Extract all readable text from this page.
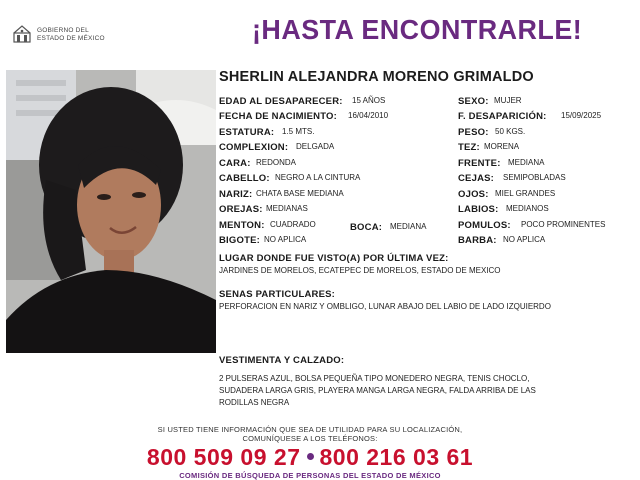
GOBIERNO DEL
ESTADO DE MÉXICO	¡HASTA ENCONTRARLE!
SHERLIN ALEJANDRA MORENO GRIMALDO
EDAD AL DESAPARECER: 15 AÑOS
FECHA DE NACIMIENTO: 16/04/2010
ESTATURA: 1.5 MTS.
COMPLEXION: DELGADA
CARA: REDONDA
CABELLO: NEGRO A LA CINTURA
NARIZ: CHATA BASE MEDIANA
OREJAS: MEDIANAS
MENTON: CUADRADO	BOCA: MEDIANA
BIGOTE: NO APLICA
SEXO: MUJER
F. DESAPARICIÓN: 15/09/2025
PESO: 50 KGS.
TEZ: MORENA
FRENTE: MEDIANA
CEJAS: SEMIPOBLADAS
OJOS: MIEL GRANDES
LABIOS: MEDIANOS
POMULOS: POCO PROMINENTES
BARBA: NO APLICA
LUGAR DONDE FUE VISTO(A) POR ÚLTIMA VEZ:
JARDINES DE MORELOS, ECATEPEC DE MORELOS, ESTADO DE MEXICO
SENAS PARTICULARES:
PERFORACION EN NARIZ Y OMBLIGO, LUNAR ABAJO DEL LABIO DE LADO IZQUIERDO
VESTIMENTA Y CALZADO:
2 PULSERAS AZUL, BOLSA PEQUEÑA TIPO MONEDERO NEGRA, TENIS CHOCLO,
SUDADERA LARGA GRIS, PLAYERA MANGA LARGA NEGRA, FALDA ARRIBA DE LAS
RODILLAS NEGRA
SI USTED TIENE INFORMACIÓN QUE SEA DE UTILIDAD PARA SU LOCALIZACIÓN,
COMUNÍQUESE A LOS TELÉFONOS:
800 509 09 27 800 216 03 61
COMISIÓN DE BÚSQUEDA DE PERSONAS DEL ESTADO DE MÉXICO
